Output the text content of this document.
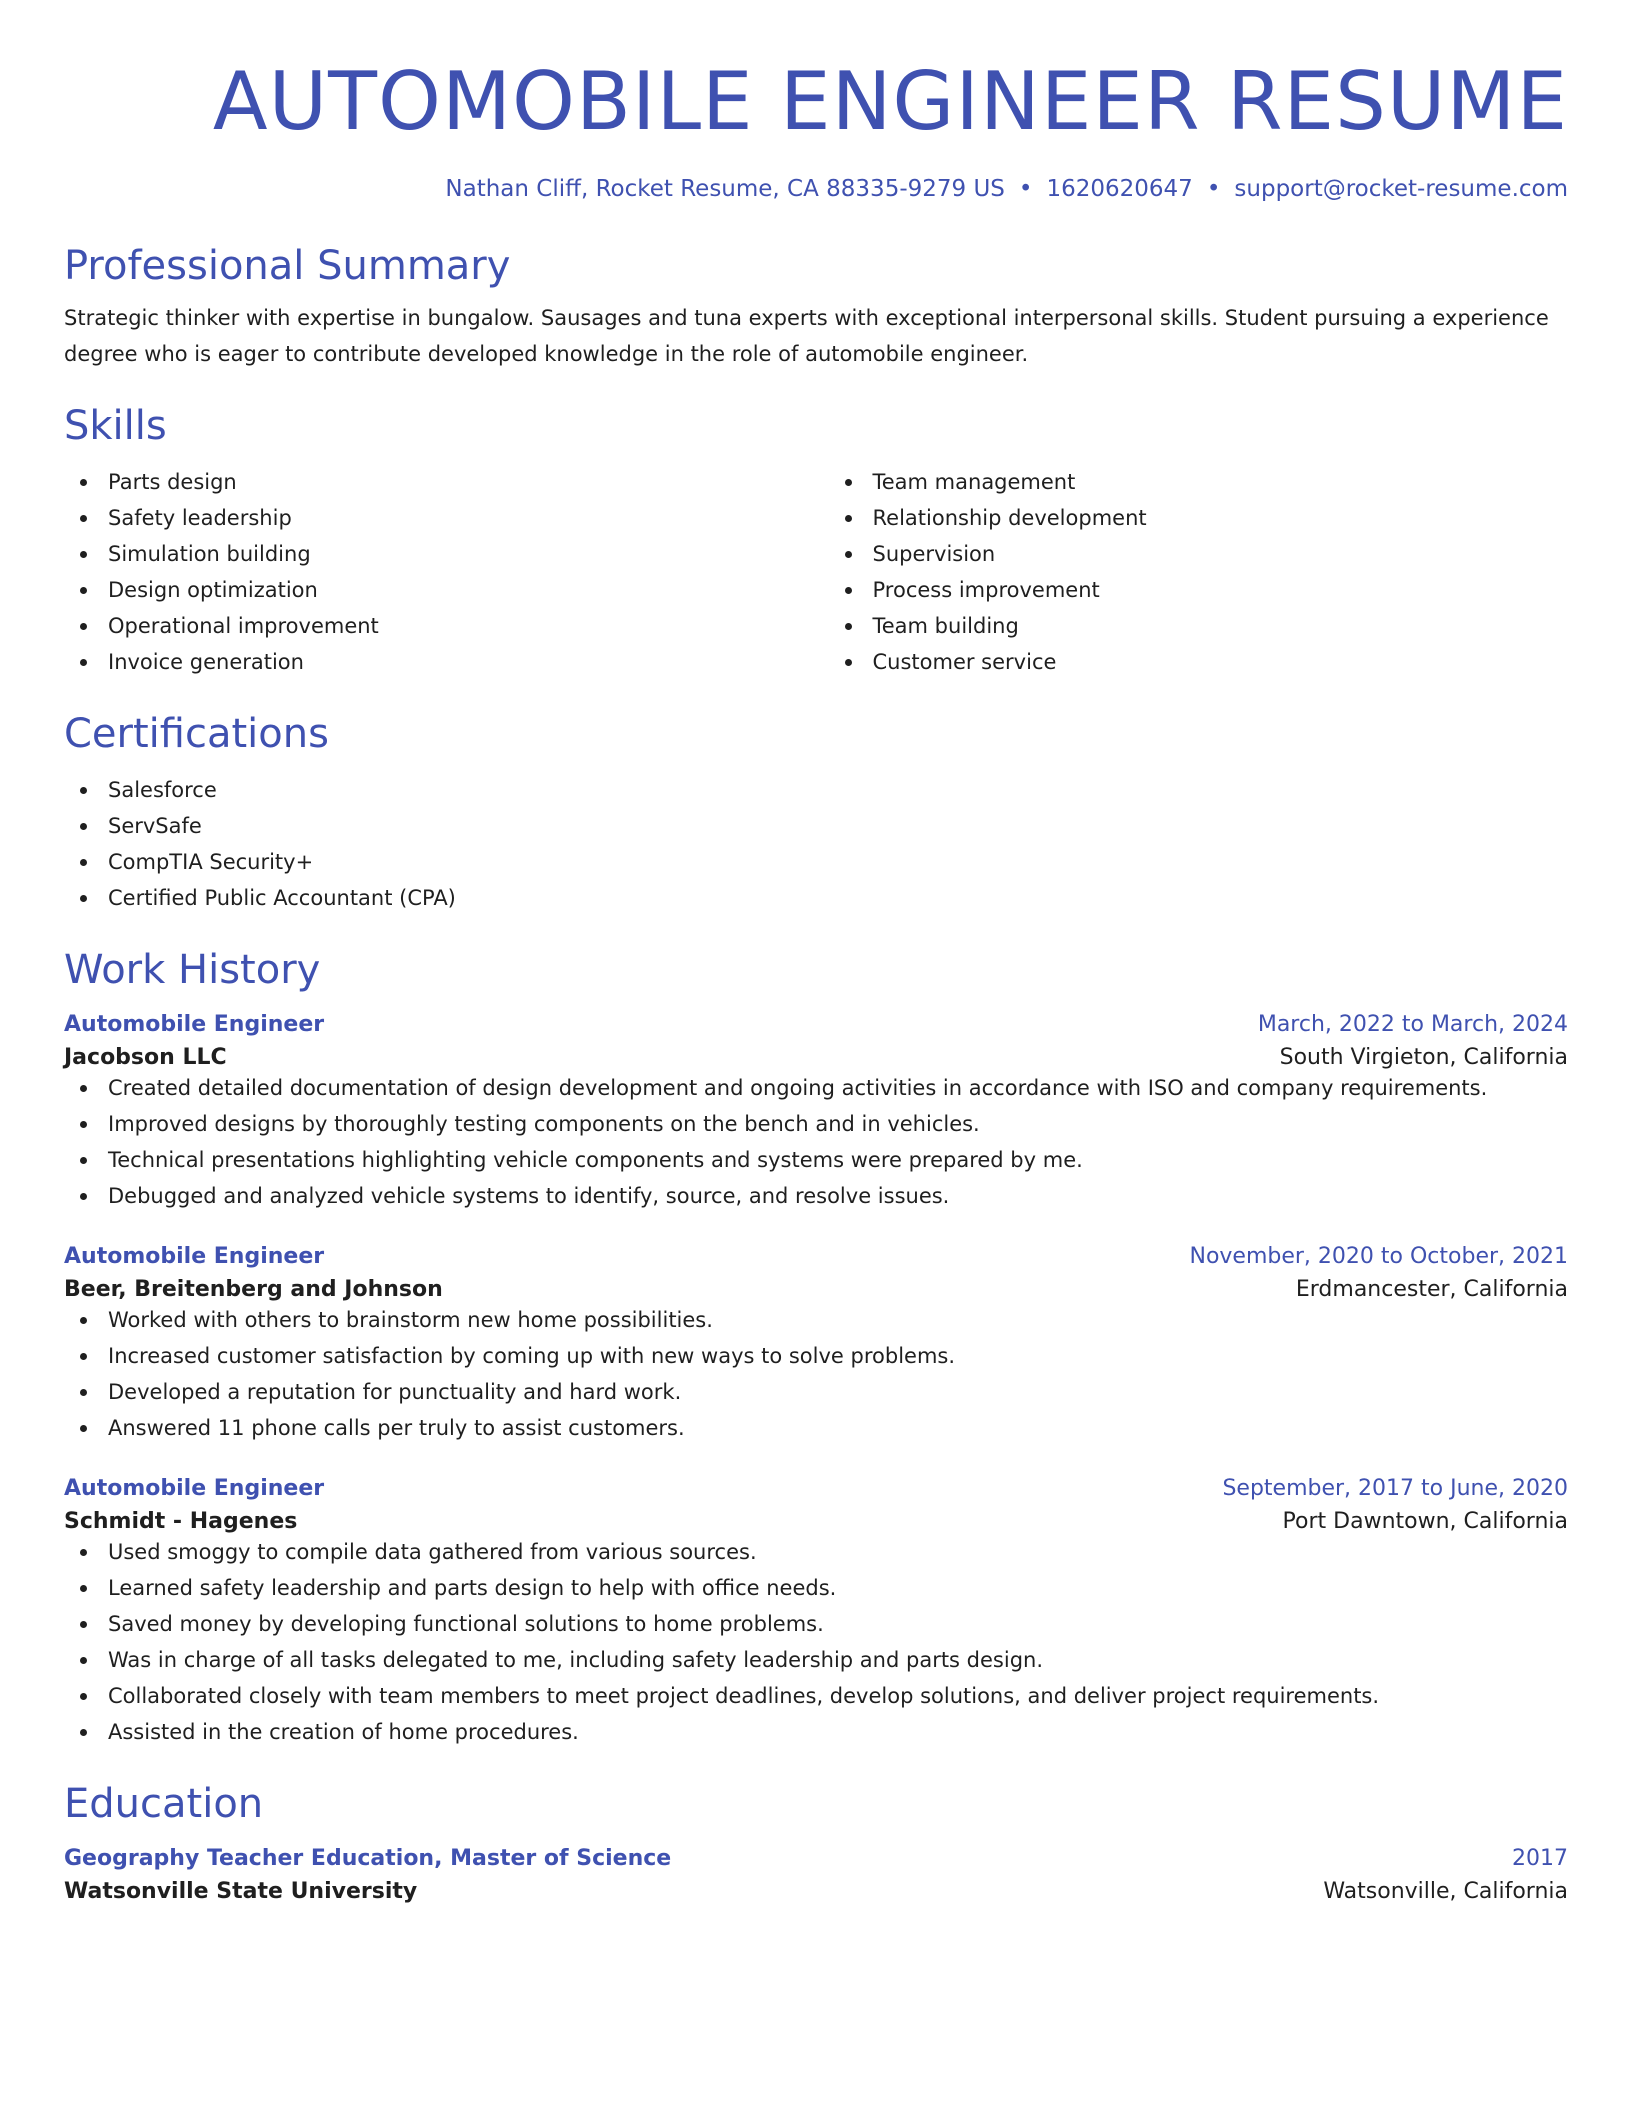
AUTOMOBILE ENGINEER RESUME
Nathan Cliff, Rocket Resume, CA 88335-9279 US • 1620620647 • support@rocket-resume.com
Professional Summary

Strategic thinker with expertise in bungalow. Sausages and tuna experts with exceptional interpersonal skills. Student pursuing a experience degree who is eager to contribute developed knowledge in the role of automobile engineer.

Skills
Parts design
Safety leadership
Simulation building
Design optimization
Operational improvement
Invoice generation
Team management
Relationship development
Supervision
Process improvement
Team building
Customer service
Certifications
Salesforce
ServSafe
CompTIA Security+
Certified Public Accountant (CPA)
Work History
Automobile Engineer	March, 2022 to March, 2024
Jacobson LLC	South Virgieton, California
Created detailed documentation of design development and ongoing activities in accordance with ISO and company requirements.
Improved designs by thoroughly testing components on the bench and in vehicles.
Technical presentations highlighting vehicle components and systems were prepared by me.
Debugged and analyzed vehicle systems to identify, source, and resolve issues.
Automobile Engineer	November, 2020 to October, 2021
Beer, Breitenberg and Johnson	Erdmancester, California
Worked with others to brainstorm new home possibilities.
Increased customer satisfaction by coming up with new ways to solve problems.
Developed a reputation for punctuality and hard work.
Answered 11 phone calls per truly to assist customers.
Automobile Engineer	September, 2017 to June, 2020
Schmidt - Hagenes	Port Dawntown, California
Used smoggy to compile data gathered from various sources.
Learned safety leadership and parts design to help with office needs.
Saved money by developing functional solutions to home problems.
Was in charge of all tasks delegated to me, including safety leadership and parts design.
Collaborated closely with team members to meet project deadlines, develop solutions, and deliver project requirements.
Assisted in the creation of home procedures.
Education
Geography Teacher Education, Master of Science	2017
Watsonville State University	Watsonville, California
